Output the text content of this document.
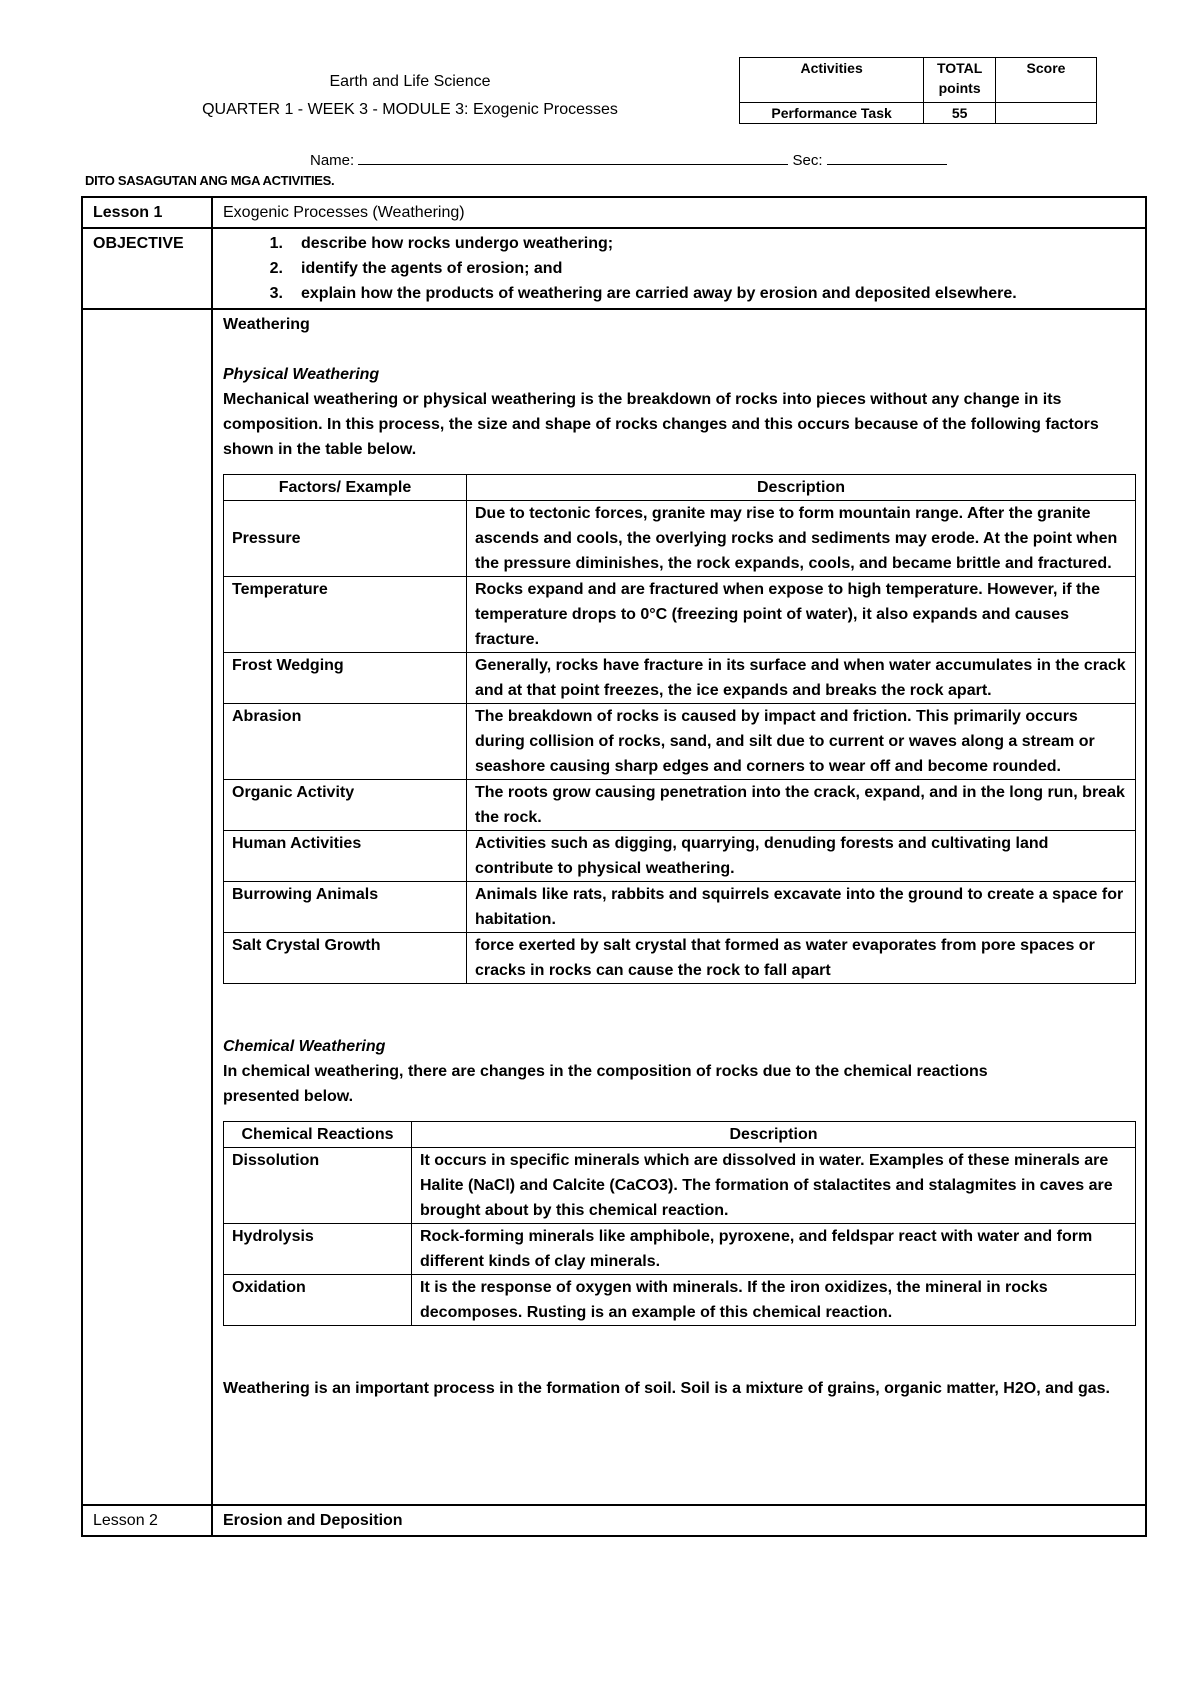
Earth and Life Science
QUARTER 1 - WEEK 3 - MODULE 3: Exogenic Processes
Activities	TOTAL points	Score
Performance Task	55	
Name:	Sec:
DITO SASAGUTAN ANG MGA ACTIVITIES.
Lesson 1	Exogenic Processes (Weathering)
OBJECTIVE	1.	describe how rocks undergo weathering;
2.	identify the agents of erosion; and
3.	explain how the products of weathering are carried away by erosion and deposited elsewhere.

Weathering

Physical Weathering

Mechanical weathering or physical weathering is the breakdown of rocks into pieces without any change in its composition. In this process, the size and shape of rocks changes and this occurs because of the following factors shown in the table below.

Factors/ Example	Description
Pressure	Due to tectonic forces, granite may rise to form mountain range. After the granite ascends and cools, the overlying rocks and sediments may erode. At the point when the pressure diminishes, the rock expands, cools, and became brittle and fractured.
Temperature	Rocks expand and are fractured when expose to high temperature. However, if the temperature drops to 0°C (freezing point of water), it also expands and causes fracture.
Frost Wedging	Generally, rocks have fracture in its surface and when water accumulates in the crack and at that point freezes, the ice expands and breaks the rock apart.
Abrasion	The breakdown of rocks is caused by impact and friction. This primarily occurs during collision of rocks, sand, and silt due to current or waves along a stream or seashore causing sharp edges and corners to wear off and become rounded.
Organic Activity	The roots grow causing penetration into the crack, expand, and in the long run, break the rock.
Human Activities	Activities such as digging, quarrying, denuding forests and cultivating land contribute to physical weathering.
Burrowing Animals	Animals like rats, rabbits and squirrels excavate into the ground to create a space for habitation.
Salt Crystal Growth	force exerted by salt crystal that formed as water evaporates from pore spaces or cracks in rocks can cause the rock to fall apart

Chemical Weathering

In chemical weathering, there are changes in the composition of rocks due to the chemical reactions presented below.

Chemical Reactions	Description
Dissolution	It occurs in specific minerals which are dissolved in water. Examples of these minerals are Halite (NaCl) and Calcite (CaCO3). The formation of stalactites and stalagmites in caves are brought about by this chemical reaction.
Hydrolysis	Rock-forming minerals like amphibole, pyroxene, and feldspar react with water and form different kinds of clay minerals.
Oxidation	It is the response of oxygen with minerals. If the iron oxidizes, the mineral in rocks decomposes. Rusting is an example of this chemical reaction.

Weathering is an important process in the formation of soil. Soil is a mixture of grains, organic matter, H2O, and gas.

Lesson 2	Erosion and Deposition
